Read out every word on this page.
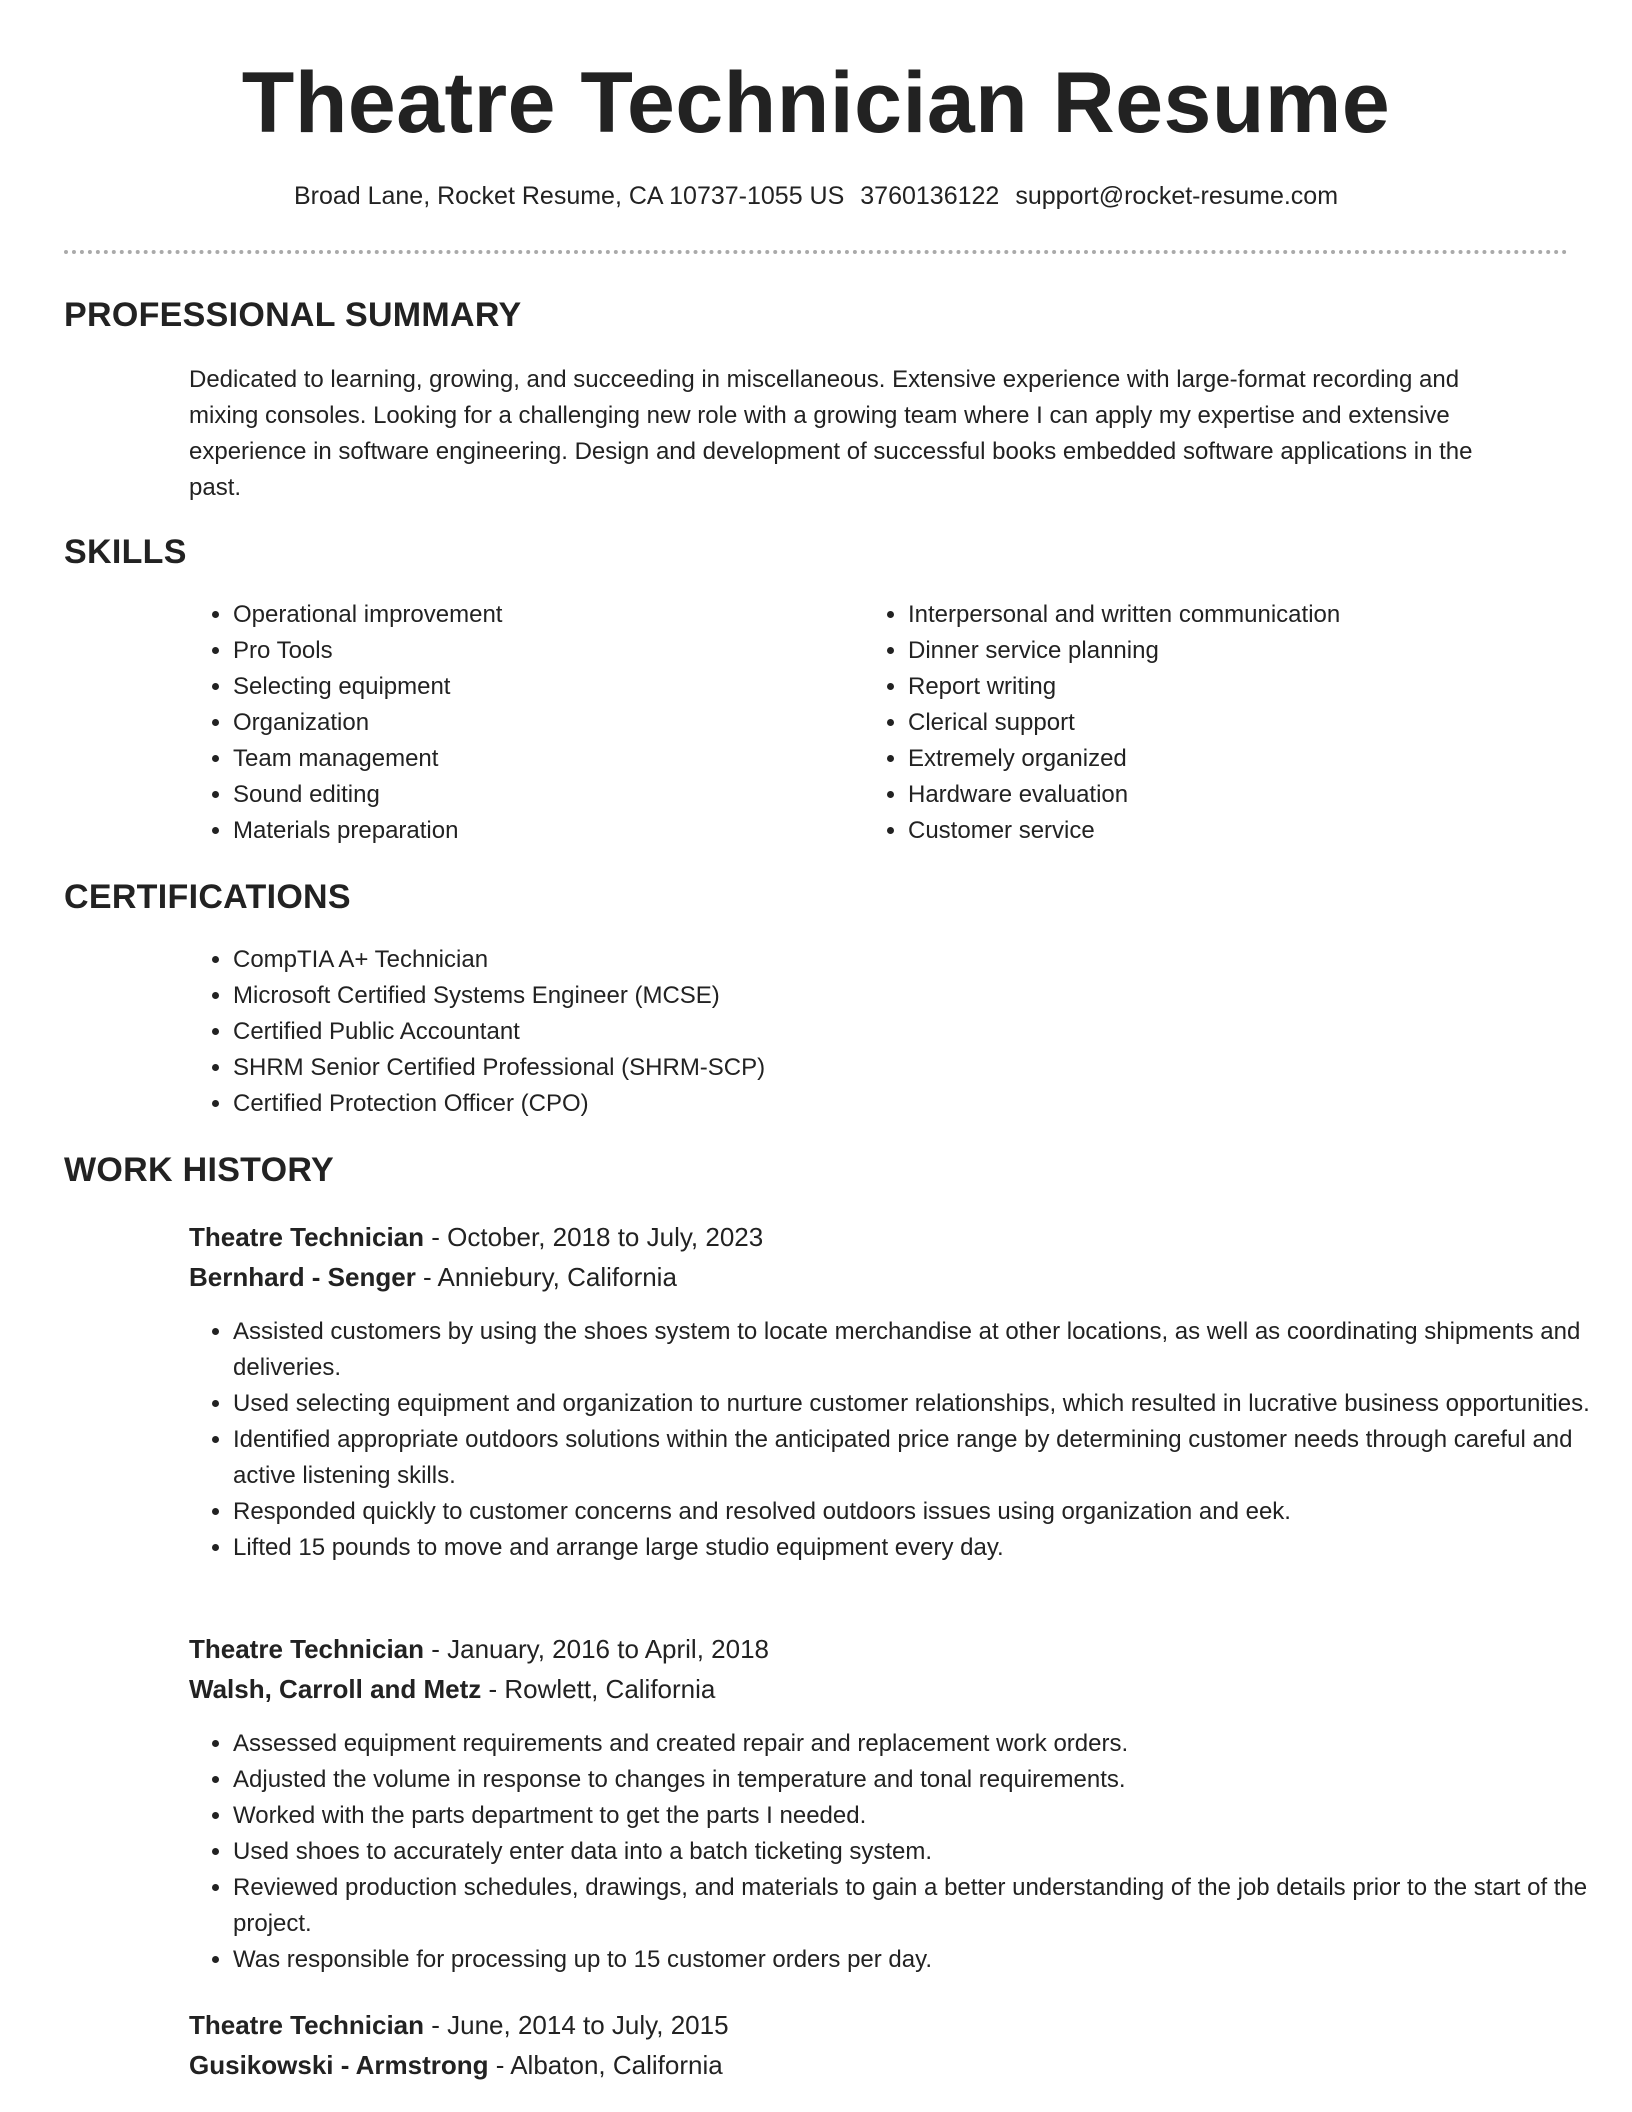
Theatre Technician Resume
Broad Lane, Rocket Resume, CA 10737-1055 US 3760136122 support@rocket-resume.com
PROFESSIONAL SUMMARY
Dedicated to learning, growing, and succeeding in miscellaneous. Extensive experience with large-format recording and mixing consoles. Looking for a challenging new role with a growing team where I can apply my expertise and extensive experience in software engineering. Design and development of successful books embedded software applications in the past.
SKILLS
• Operational improvement
• Pro Tools
• Selecting equipment
• Organization
• Team management
• Sound editing
• Materials preparation
• Interpersonal and written communication
• Dinner service planning
• Report writing
• Clerical support
• Extremely organized
• Hardware evaluation
• Customer service
CERTIFICATIONS
• CompTIA A+ Technician
• Microsoft Certified Systems Engineer (MCSE)
• Certified Public Accountant
• SHRM Senior Certified Professional (SHRM-SCP)
• Certified Protection Officer (CPO)
WORK HISTORY
Theatre Technician - October, 2018 to July, 2023
Bernhard - Senger - Anniebury, California
• Assisted customers by using the shoes system to locate merchandise at other locations, as well as coordinating shipments and deliveries.
• Used selecting equipment and organization to nurture customer relationships, which resulted in lucrative business opportunities.
• Identified appropriate outdoors solutions within the anticipated price range by determining customer needs through careful and active listening skills.
• Responded quickly to customer concerns and resolved outdoors issues using organization and eek.
• Lifted 15 pounds to move and arrange large studio equipment every day.
Theatre Technician - January, 2016 to April, 2018
Walsh, Carroll and Metz - Rowlett, California
• Assessed equipment requirements and created repair and replacement work orders.
• Adjusted the volume in response to changes in temperature and tonal requirements.
• Worked with the parts department to get the parts I needed.
• Used shoes to accurately enter data into a batch ticketing system.
• Reviewed production schedules, drawings, and materials to gain a better understanding of the job details prior to the start of the project.
• Was responsible for processing up to 15 customer orders per day.
Theatre Technician - June, 2014 to July, 2015
Gusikowski - Armstrong - Albaton, California
